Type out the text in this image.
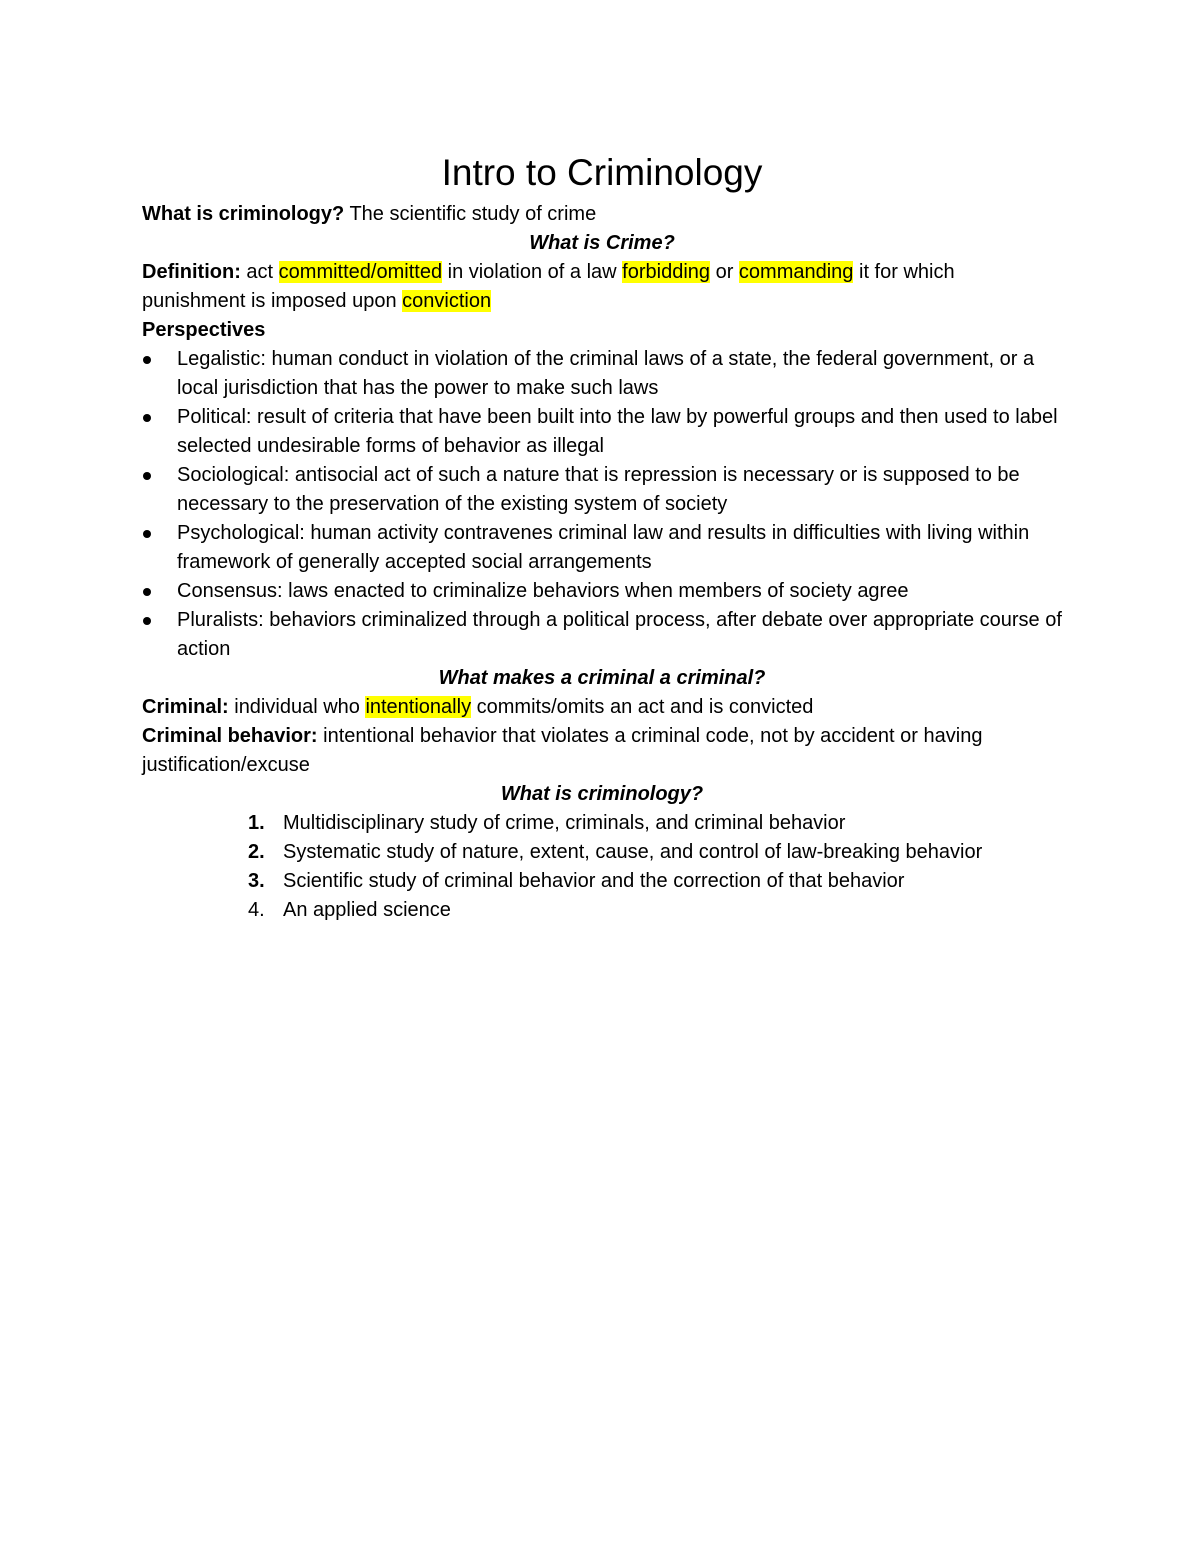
Intro to Criminology

What is criminology? The scientific study of crime

What is Crime?

Definition: act committed/omitted in violation of a law forbidding or commanding it for which punishment is imposed upon conviction

Perspectives

Legalistic: human conduct in violation of the criminal laws of a state, the federal government, or a local jurisdiction that has the power to make such laws
Political: result of criteria that have been built into the law by powerful groups and then used to label selected undesirable forms of behavior as illegal
Sociological: antisocial act of such a nature that is repression is necessary or is supposed to be necessary to the preservation of the existing system of society
Psychological: human activity contravenes criminal law and results in difficulties with living within framework of generally accepted social arrangements
Consensus: laws enacted to criminalize behaviors when members of society agree
Pluralists: behaviors criminalized through a political process, after debate over appropriate course of action

What makes a criminal a criminal?

Criminal: individual who intentionally commits/omits an act and is convicted

Criminal behavior: intentional behavior that violates a criminal code, not by accident or having justification/excuse

What is criminology?

1. Multidisciplinary study of crime, criminals, and criminal behavior
2. Systematic study of nature, extent, cause, and control of law-breaking behavior
3. Scientific study of criminal behavior and the correction of that behavior
4. An applied science
